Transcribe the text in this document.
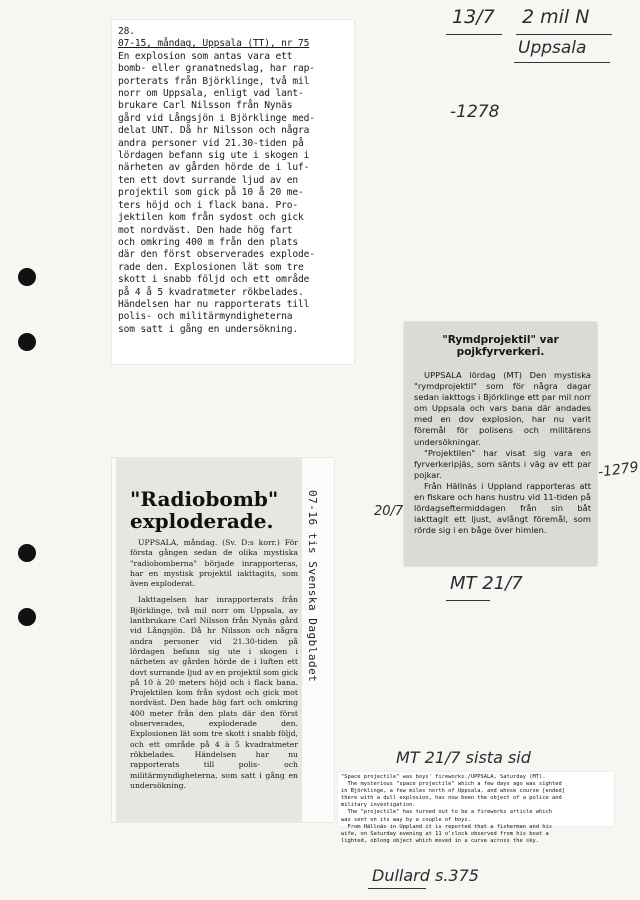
13/7 2 mil N
Uppsala
-1278
-1279
20/7
MT 21/7
MT 21/7 sista sid
Dullard s.375
28.
07-15, måndag, Uppsala (TT), nr 75
En explosion som antas vara ett
bomb- eller granatnedslag, har rap-
porterats från Björklinge, två mil
norr om Uppsala, enligt vad lant-
brukare Carl Nilsson från Nynäs
gård vid Långsjön i Björklinge med-
delat UNT. Då hr Nilsson och några
andra personer vid 21.30-tiden på
lördagen befann sig ute i skogen i
närheten av gården hörde de i luf-
ten ett dovt surrande ljud av en
projektil som gick på 10 å 20 me-
ters höjd och i flack bana. Pro-
jektilen kom från sydost och gick
mot nordväst. Den hade hög fart
och omkring 400 m från den plats
där den först observerades explode-
rade den. Explosionen lät som tre
skott i snabb följd och ett område
på 4 å 5 kvadratmeter rökbelades.
Händelsen har nu rapporterats till
polis- och militärmyndigheterna
som satt i gång en undersökning.
"Rymdprojektil" var
pojkfyrverkeri.

UPPSALA lördag (MT) Den mystiska "rymdprojektil" som för några dagar sedan iakttogs i Björklinge ett par mil norr om Uppsala och vars bana där andades med en dov explosion, har nu varit föremål för polisens och militärens undersökningar.

"Projektilen" har visat sig vara en fyrverkeripjäs, som sänts i väg av ett par pojkar.

Från Hällnäs i Uppland rapporteras att en fiskare och hans hustru vid 11-tiden på lördagseftermiddagen från sin båt iakttagit ett ljust, avlångt föremål, som rörde sig i en båge över himlen.

"Radiobomb"
exploderade.

UPPSALA, måndag. (Sv. D:s korr.) För första gången sedan de olika mystiska "radiobomberna" började inrapporteras, har en mystisk projektil iakttagits, som även exploderat.

Iakttagelsen har inrapporterats från Björklinge, två mil norr om Uppsala, av lantbrukare Carl Nilsson från Nynäs gård vid Långsjön. Då hr Nilsson och några andra personer vid 21.30-tiden på lördagen befann sig ute i skogen i närheten av gården hörde de i luften ett dovt surrande ljud av en projektil som gick på 10 à 20 meters höjd och i flack bana. Projektilen kom från sydost och gick mot nordväst. Den hade hög fart och omkring 400 meter från den plats där den först observerades, exploderade den. Explosionen lät som tre skott i snabb följd, och ett område på 4 à 5 kvadratmeter rökbelades. Händelsen har nu rapporterats till polis- och militärmyndigheterna, som satt i gång en undersökning.

07-16 tis Svenska Dagbladet
"Space projectile" was boys' fireworks./UPPSALA, Saturday (MT).
The mysterious "space projectile" which a few days ago was sighted
in Björklinge, a few miles north of Uppsala, and whose course [ended]
there with a dull explosion, has now been the object of a police and
military investigation.
The "projectile" has turned out to be a fireworks article which
was sent on its way by a couple of boys.
From Hällnäs in Uppland it is reported that a fisherman and his
wife, on Saturday evening at 11 o'clock observed from his boat a
lighted, oblong object which moved in a curve across the sky.
